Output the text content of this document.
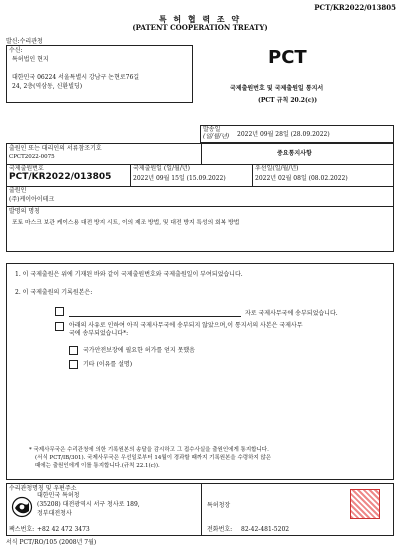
PCT/KR2022/013805
특 허 협 력 조 약
(PATENT COOPERATION TREATY)
발신:수리관청
수신:
특허법인 현지
대한민국 06224 서울특별시 강남구 논현로76길
24, 2층(역삼동, 신환빌딩)
PCT
국제출원번호 및 국제출원일 통지서
(PCT 규칙 20.2(c))
발송일
(일/월/년) 2022년 09월 28일 (28.09.2022)
출원인 또는 대리인의 서류참조기호
CPCT2022-0075	중요통지사항
국제출원번호
PCT/KR2022/013805
국제출원일 (일/월/년)
2022년 09월 15일 (15.09.2022)
우선일(일/월/년)
2022년 02월 08일 (08.02.2022)
출원인
(주)케이아이테크
발명의 명칭
포토 마스크 보관 케이스용 대전 방지 시트, 이의 제조 방법, 및 대전 방지 특성의 회복 방법
1. 이 국제출원은 위에 기재된 바와 같이 국제출원번호와 국제출원일이 부여되었습니다.
2. 이 국제출원의 기록원본은:
자로 국제사무국에 송부되었습니다.
아래의 사유로 인하여 아직 국제사무국에 송부되지 않았으며,이 통지서의 사본은 국제사무
국에 송부되었습니다*:
국가안전보장에 필요한 허가를 얻지 못했음
기타 (이유를 설명)
* 국제사무국은 수리관청에 의한 기록원본의 송달을 감시하고 그 접수사실을 출원인에게 통지합니다.
(서식 PCT/IB/301). 국제사무국은 우선일로부터 14월이 경과할 때까지 기록원본을 수령하지 않은
때에는 출원인에게 이를 통지합니다.(규칙 22.1(c)).
수리관청명칭 및 우편주소
대한민국 특허청
(35208) 대전광역시 서구 청사로 189,
정부대전청사
팩스번호: +82 42 472 3473
특허청장
전화번호: 82-42-481-5202
서식 PCT/RO/105 (2008년 7월)
